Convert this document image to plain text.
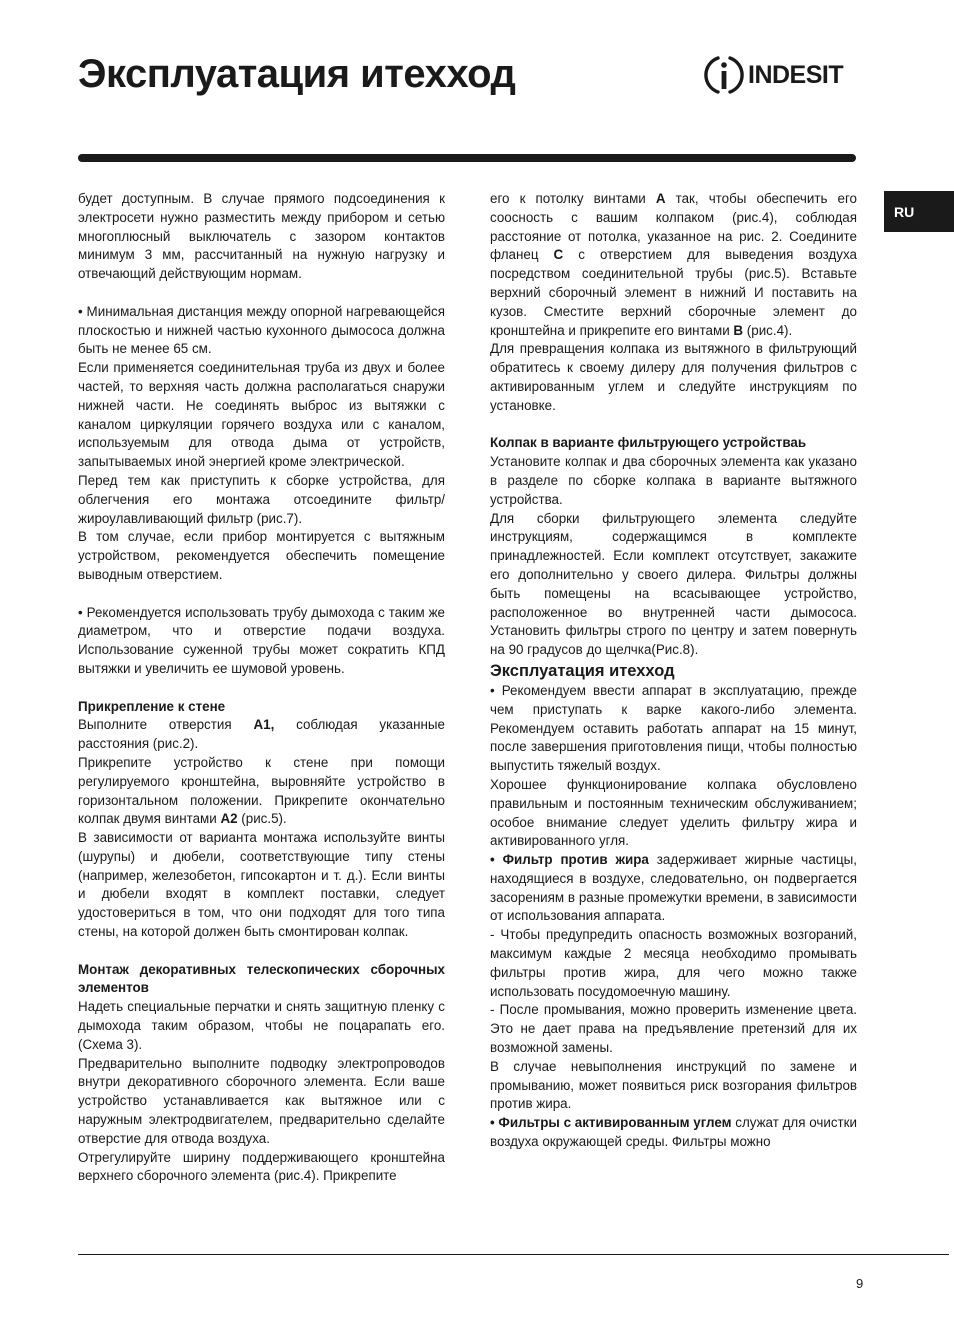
Эксплуатация итехход	INDESIT
RU

будет доступным. В случае прямого подсоединения к электросети нужно разместить между прибором и сетью многоплюсный выключатель с зазором контактов минимум 3 мм, рассчитанный на нужную нагрузку и отвечающий действующим нормам.

• Минимальная дистанция между опорной нагревающейся плоскостью и нижней частью кухонного дымососа должна быть не менее 65 см.

Если применяется соединительная труба из двух и более частей, то верхняя часть должна располагаться снаружи нижней части. Не соединять выброс из вытяжки с каналом циркуляции горячего воздуха или с каналом, используемым для отвода дыма от устройств, запытываемых иной энергией кроме электрической.

Перед тем как приступить к сборке устройства, для облегчения его монтажа отсоедините фильтр/ жироулавливающий фильтр (рис.7).

В том случае, если прибор монтируется с вытяжным устройством, рекомендуется обеспечить помещение выводным отверстием.

• Рекомендуется использовать трубу дымохода с таким же диаметром, что и отверстие подачи воздуха. Использование суженной трубы может сократить КПД вытяжки и увеличить ее шумовой уровень.

Прикрепление к стене

Выполните отверстия A1, соблюдая указанные расстояния (рис.2).

Прикрепите устройство к стене при помощи регулируемого кронштейна, выровняйте устройство в горизонтальном положении. Прикрепите окончательно колпак двумя винтами A2 (рис.5).

В зависимости от варианта монтажа используйте винты (шурупы) и дюбели, соответствующие типу стены (например, железобетон, гипсокартон и т. д.). Если винты и дюбели входят в комплект поставки, следует удостовериться в том, что они подходят для того типа стены, на которой должен быть смонтирован колпак.

Монтаж декоративных телескопических сборочных элементов

Надеть специальные перчатки и снять защитную пленку с дымохода таким образом, чтобы не поцарапать его. (Схема 3).

Предварительно выполните подводку электропроводов внутри декоративного сборочного элемента. Если ваше устройство устанавливается как вытяжное или с наружным электродвигателем, предварительно сделайте отверстие для отвода воздуха.

Отрегулируйте ширину поддерживающего кронштейна верхнего сборочного элемента (рис.4). Прикрепите

его к потолку винтами A так, чтобы обеспечить его соосность с вашим колпаком (рис.4), соблюдая расстояние от потолка, указанное на рис. 2. Соедините фланец C с отверстием для выведения воздуха посредством соединительной трубы (рис.5). Вставьте верхний сборочный элемент в нижний И поставить на кузов. Сместите верхний сборочные элемент до кронштейна и прикрепите его винтами B (рис.4).

Для превращения колпака из вытяжного в фильтрующий обратитесь к своему дилеру для получения фильтров с активированным углем и следуйте инструкциям по установке.

Колпак в варианте фильтрующего устройстваь

Установите колпак и два сборочных элемента как указано в разделе по сборке колпака в варианте вытяжного устройства.

Для сборки фильтрующего элемента следуйте инструкциям, содержащимся в комплекте принадлежностей. Если комплект отсутствует, закажите его дополнительно у своего дилера. Фильтры должны быть помещены на всасывающее устройство, расположенное во внутренней части дымососа. Установить фильтры строго по центру и затем повернуть на 90 градусов до щелчка(Рис.8).

Эксплуатация итехход

• Рекомендуем ввести аппарат в эксплуатацию, прежде чем приступать к варке какого-либо элемента. Рекомендуем оставить работать аппарат на 15 минут, после завершения приготовления пищи, чтобы полностью выпустить тяжелый воздух.

Хорошее функционирование колпака обусловлено правильным и постоянным техническим обслуживанием; особое внимание следует уделить фильтру жира и активированного угля.

• Фильтр против жира задерживает жирные частицы, находящиеся в воздухе, следовательно, он подвергается засорениям в разные промежутки времени, в зависимости от использования аппарата.

- Чтобы предупредить опасность возможных возгораний, максимум каждые 2 месяца необходимо промывать фильтры против жира, для чего можно также использовать посудомоечную машину.

- После промывания, можно проверить изменение цвета. Это не дает права на предъявление претензий для их возможной замены.

В случае невыполнения инструкций по замене и промыванию, может появиться риск возгорания фильтров против жира.

• Фильтры с активированным углем служат для очистки воздуха окружающей среды. Фильтры можно

9
